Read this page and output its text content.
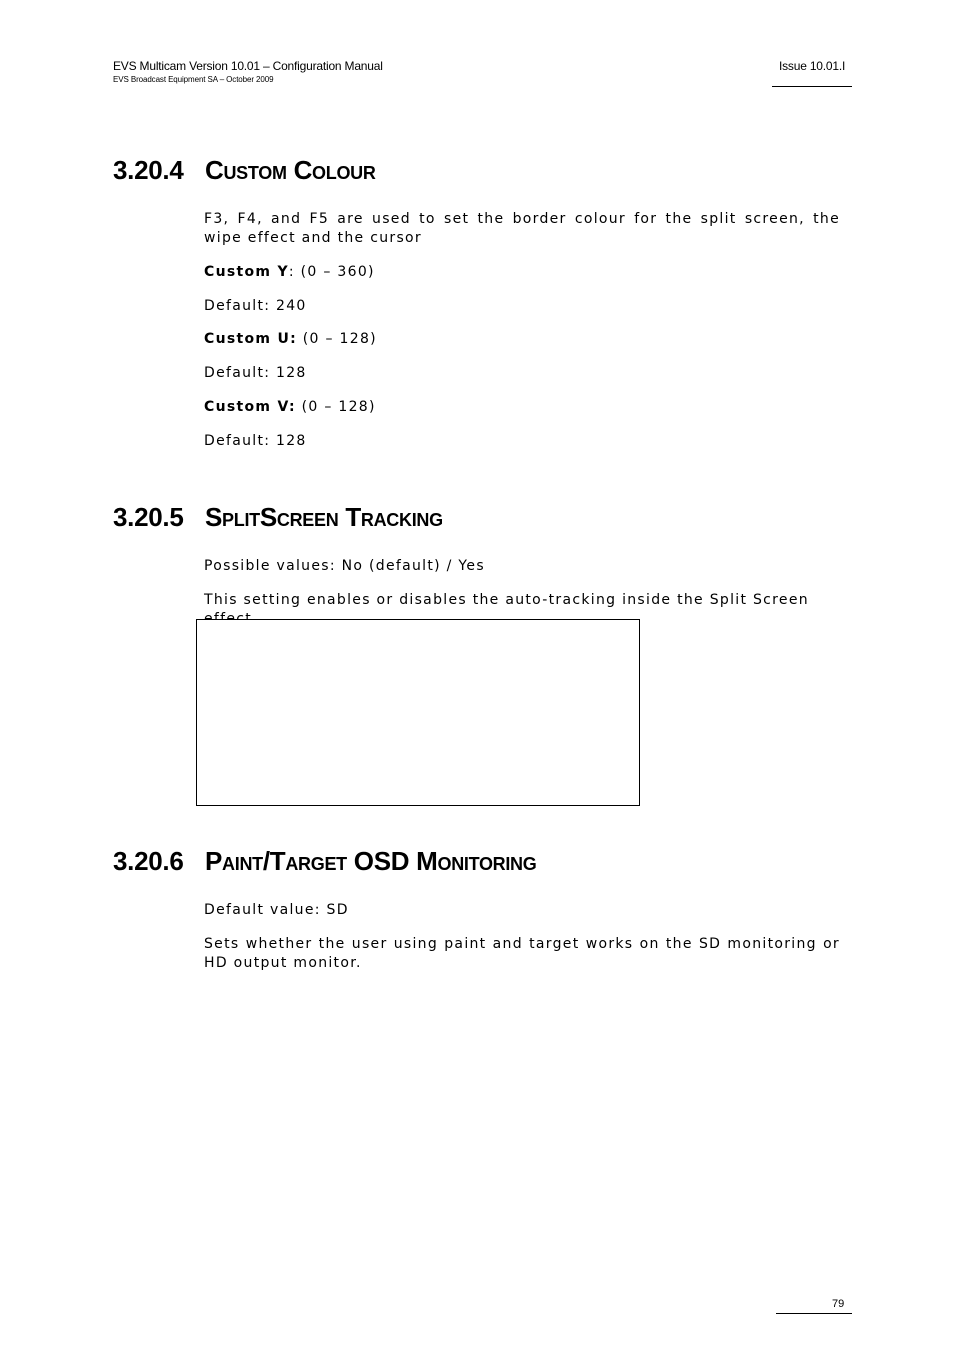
EVS Multicam Version 10.01 – Configuration Manual
EVS Broadcast Equipment SA – October 2009
Issue 10.01.I
3.20.4 Custom Colour
F3, F4, and F5 are used to set the border colour for the split screen, the wipe effect and the cursor
Custom Y: (0 – 360)
Default: 240
Custom U: (0 – 128)
Default: 128
Custom V: (0 – 128)
Default: 128
3.20.5 SplitScreen Tracking
Possible values: No (default) / Yes
This setting enables or disables the auto-tracking inside the Split Screen
3.20.6 Paint/Target OSD Monitoring
Default value: SD
Sets whether the user using paint and target works on the SD monitoring or HD output monitor.
79
